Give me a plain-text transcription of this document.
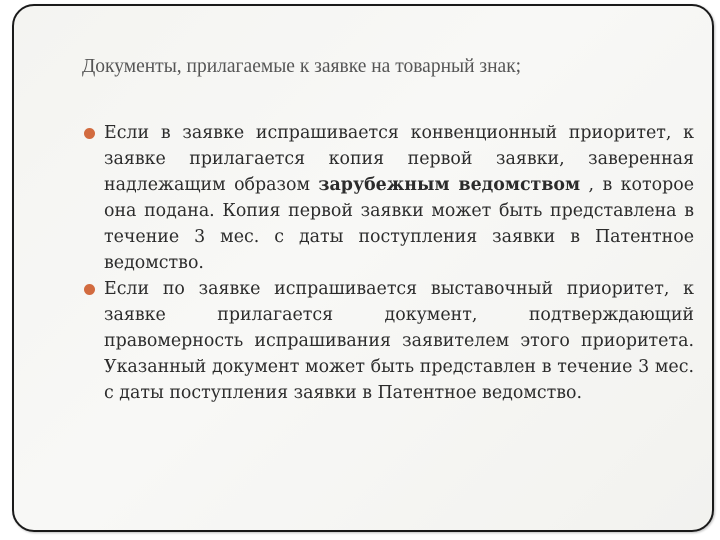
Документы, прилагаемые к заявке на товарный знак;
Если в заявке испрашивается конвенционный приоритет, к заявке прилагается копия первой заявки, заверенная надлежащим образом зарубежным ведомством , в которое она подана. Копия первой заявки может быть представлена в течение 3 мес. с даты поступления заявки в Патентное ведомство.
Если по заявке испрашивается выставочный приоритет, к заявке прилагается документ, подтверждающий правомерность испрашивания заявителем этого приоритета. Указанный документ может быть представлен в течение 3 мес. с даты поступления заявки в Патентное ведомство.
